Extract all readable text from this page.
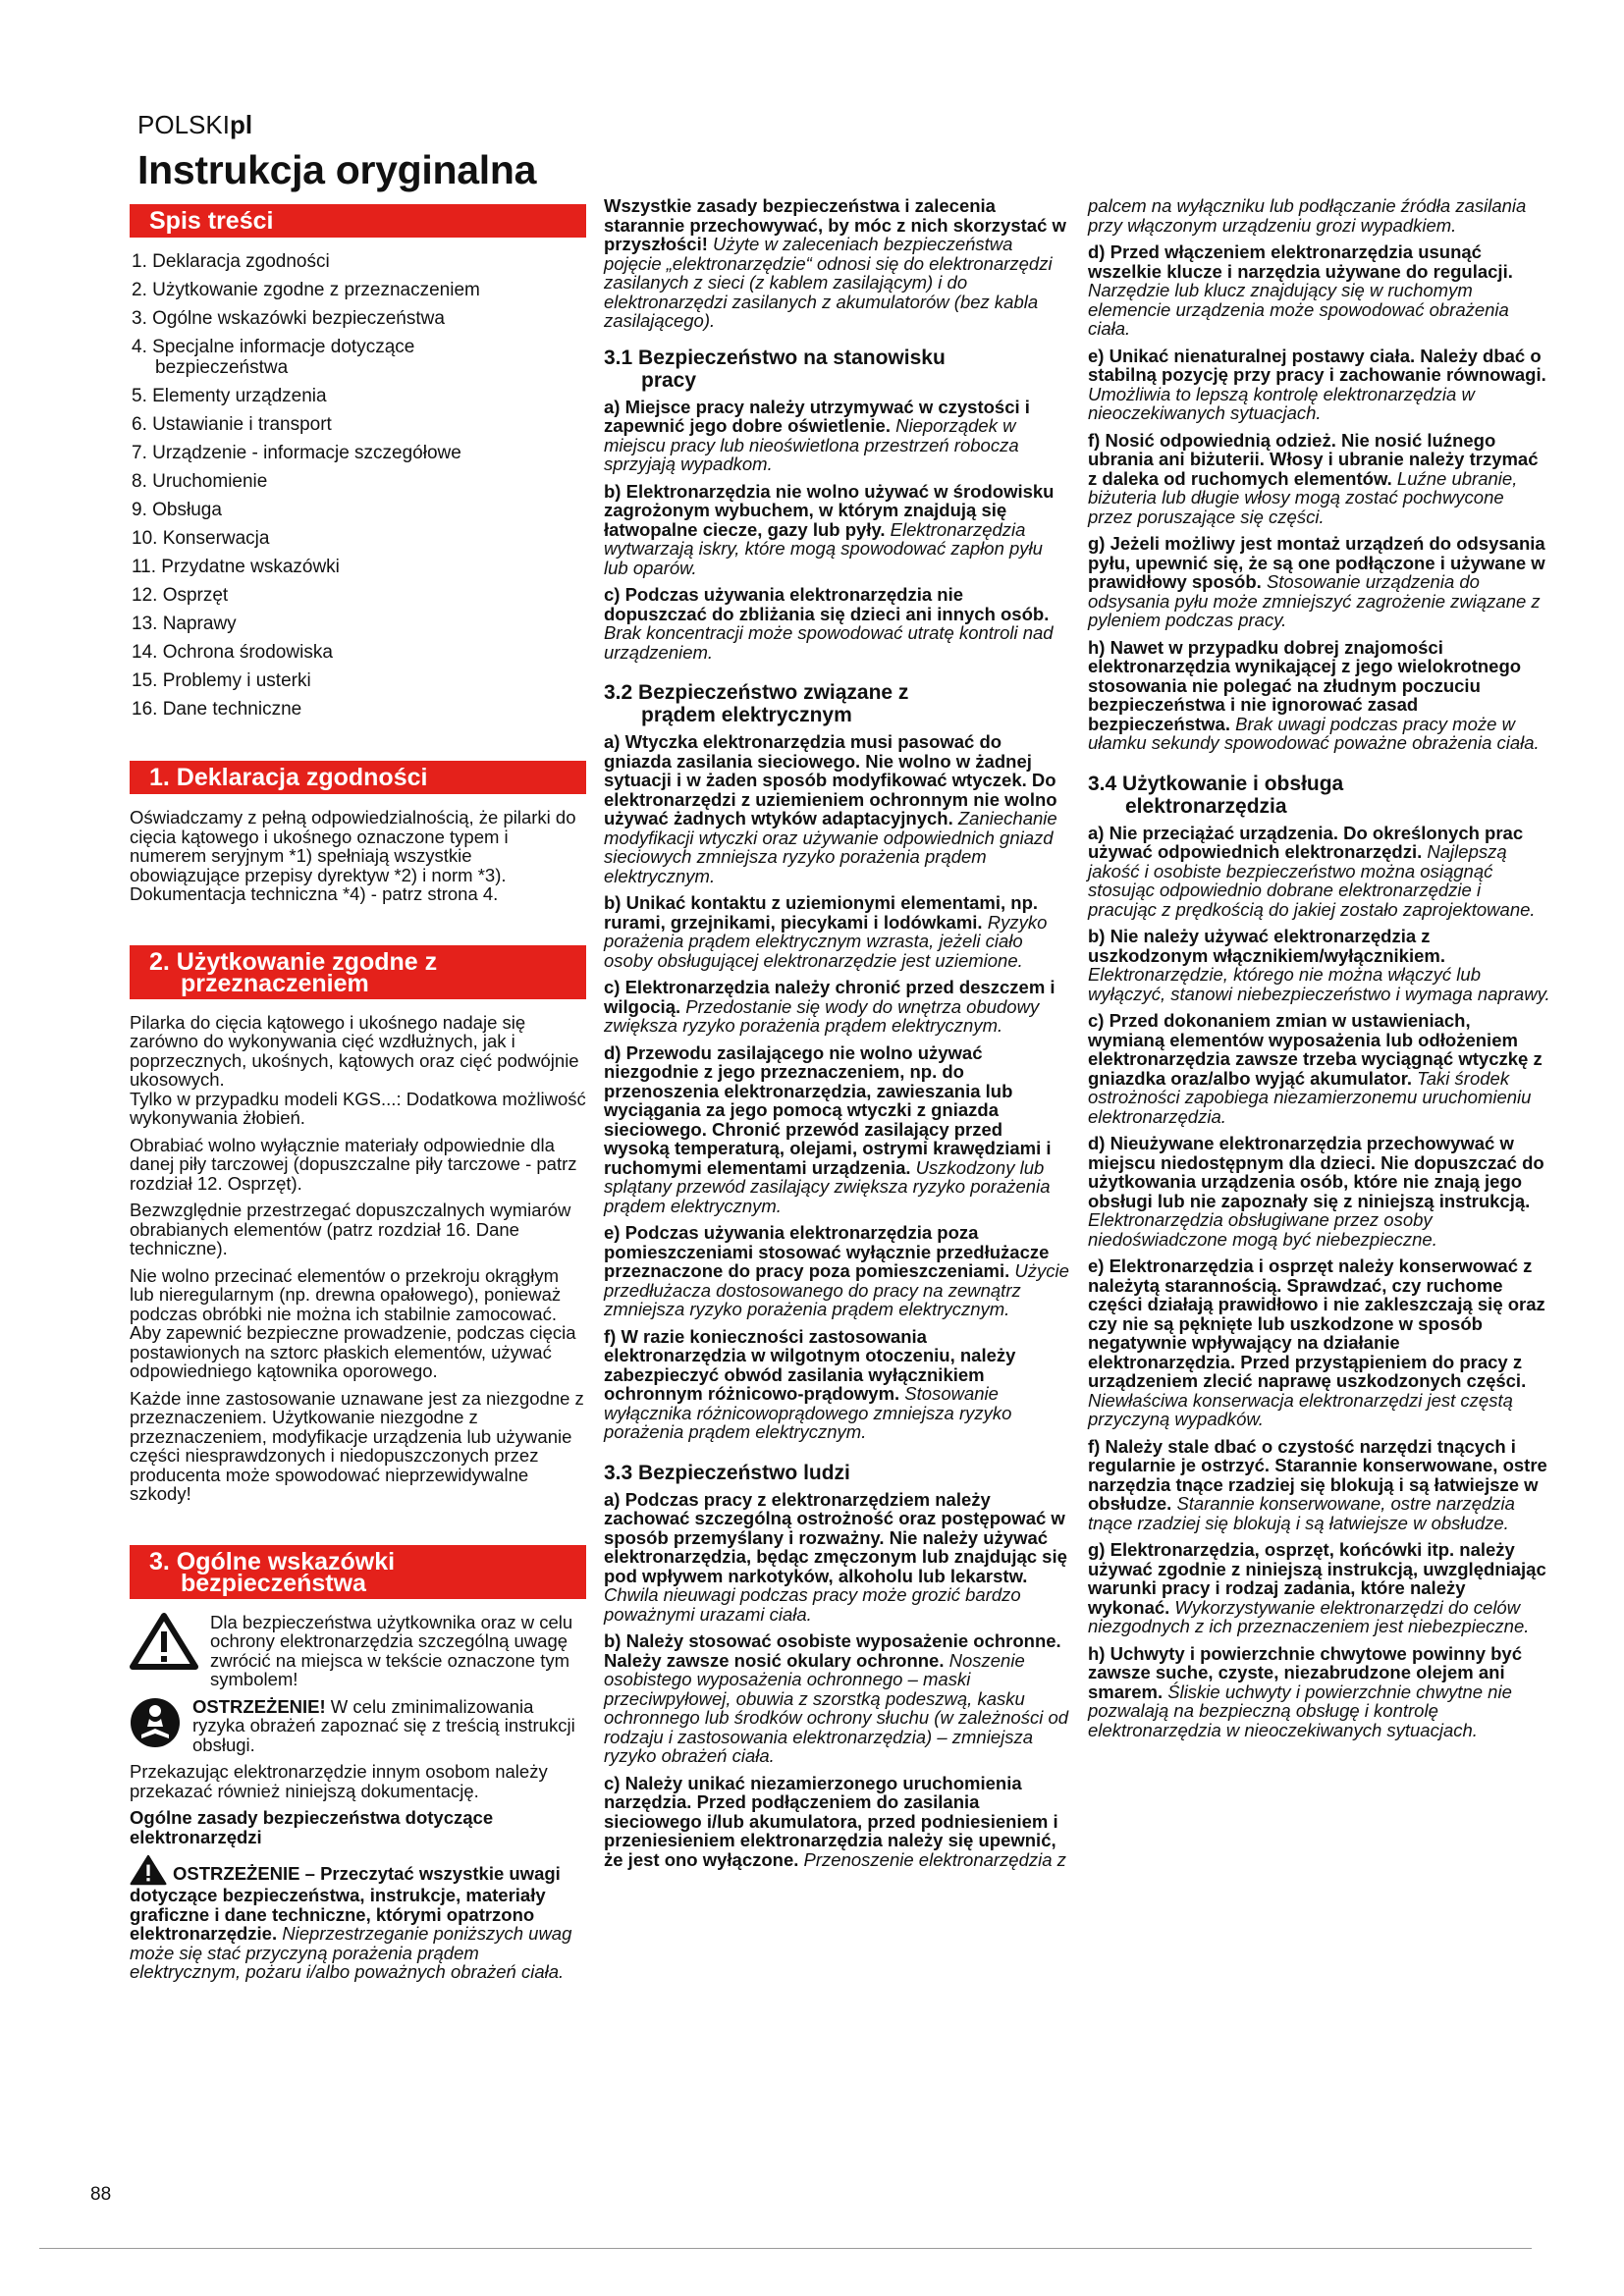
POLSKIpl
Instrukcja oryginalna
Spis treści
1. Deklaracja zgodności
2. Użytkowanie zgodne z przeznaczeniem
3. Ogólne wskazówki bezpieczeństwa
4. Specjalne informacje dotyczące
bezpieczeństwa
5. Elementy urządzenia
6. Ustawianie i transport
7. Urządzenie - informacje szczegółowe
8. Uruchomienie
9. Obsługa
10. Konserwacja
11. Przydatne wskazówki
12. Osprzęt
13. Naprawy
14. Ochrona środowiska
15. Problemy i usterki
16. Dane techniczne
1. Deklaracja zgodności

Oświadczamy z pełną odpowiedzialnością, że pilarki do cięcia kątowego i ukośnego oznaczone typem i numerem seryjnym *1) spełniają wszystkie obowiązujące przepisy dyrektyw *2) i norm *3). Dokumentacja techniczna *4) - patrz strona 4.

2. Użytkowanie zgodne z
przeznaczeniem

Pilarka do cięcia kątowego i ukośnego nadaje się zarówno do wykonywania cięć wzdłużnych, jak i poprzecznych, ukośnych, kątowych oraz cięć podwójnie ukosowych.

Tylko w przypadku modeli KGS...: Dodatkowa możliwość wykonywania żłobień.

Obrabiać wolno wyłącznie materiały odpowiednie dla danej piły tarczowej (dopuszczalne piły tarczowe - patrz rozdział 12. Osprzęt).

Bezwzględnie przestrzegać dopuszczalnych wymiarów obrabianych elementów (patrz rozdział 16. Dane techniczne).

Nie wolno przecinać elementów o przekroju okrągłym lub nieregularnym (np. drewna opałowego), ponieważ podczas obróbki nie można ich stabilnie zamocować. Aby zapewnić bezpieczne prowadzenie, podczas cięcia postawionych na sztorc płaskich elementów, używać odpowiedniego kątownika oporowego.

Każde inne zastosowanie uznawane jest za niezgodne z przeznaczeniem. Użytkowanie niezgodne z przeznaczeniem, modyfikacje urządzenia lub używanie części niesprawdzonych i niedopuszczonych przez producenta może spowodować nieprzewidywalne szkody!

3. Ogólne wskazówki
bezpieczeństwa

Dla bezpieczeństwa użytkownika oraz w celu ochrony elektronarzędzia szczególną uwagę zwrócić na miejsca w tekście oznaczone tym symbolem!

OSTRZEŻENIE! W celu zminimalizowania ryzyka obrażeń zapoznać się z treścią instrukcji obsługi.

Przekazując elektronarzędzie innym osobom należy przekazać również niniejszą dokumentację.

Ogólne zasady bezpieczeństwa dotyczące elektronarzędzi

OSTRZEŻENIE – Przeczytać wszystkie uwagi dotyczące bezpieczeństwa, instrukcje, materiały graficzne i dane techniczne, którymi opatrzono elektronarzędzie. Nieprzestrzeganie poniższych uwag może się stać przyczyną porażenia prądem elektrycznym, pożaru i/albo poważnych obrażeń ciała.

Wszystkie zasady bezpieczeństwa i zalecenia starannie przechowywać, by móc z nich skorzystać w przyszłości! Użyte w zaleceniach bezpieczeństwa pojęcie „elektronarzędzie“ odnosi się do elektronarzędzi zasilanych z sieci (z kablem zasilającym) i do elektronarzędzi zasilanych z akumulatorów (bez kabla zasilającego).

3.1 Bezpieczeństwo na stanowisku
pracy

a) Miejsce pracy należy utrzymywać w czystości i zapewnić jego dobre oświetlenie. Nieporządek w miejscu pracy lub nieoświetlona przestrzeń robocza sprzyjają wypadkom.

b) Elektronarzędzia nie wolno używać w środowisku zagrożonym wybuchem, w którym znajdują się łatwopalne ciecze, gazy lub pyły. Elektronarzędzia wytwarzają iskry, które mogą spowodować zapłon pyłu lub oparów.

c) Podczas używania elektronarzędzia nie dopuszczać do zbliżania się dzieci ani innych osób. Brak koncentracji może spowodować utratę kontroli nad urządzeniem.

3.2 Bezpieczeństwo związane z
prądem elektrycznym

a) Wtyczka elektronarzędzia musi pasować do gniazda zasilania sieciowego. Nie wolno w żadnej sytuacji i w żaden sposób modyfikować wtyczek. Do elektronarzędzi z uziemieniem ochronnym nie wolno używać żadnych wtyków adaptacyjnych. Zaniechanie modyfikacji wtyczki oraz używanie odpowiednich gniazd sieciowych zmniejsza ryzyko porażenia prądem elektrycznym.

b) Unikać kontaktu z uziemionymi elementami, np. rurami, grzejnikami, piecykami i lodówkami. Ryzyko porażenia prądem elektrycznym wzrasta, jeżeli ciało osoby obsługującej elektronarzędzie jest uziemione.

c) Elektronarzędzia należy chronić przed deszczem i wilgocią. Przedostanie się wody do wnętrza obudowy zwiększa ryzyko porażenia prądem elektrycznym.

d) Przewodu zasilającego nie wolno używać niezgodnie z jego przeznaczeniem, np. do przenoszenia elektronarzędzia, zawieszania lub wyciągania za jego pomocą wtyczki z gniazda sieciowego. Chronić przewód zasilający przed wysoką temperaturą, olejami, ostrymi krawędziami i ruchomymi elementami urządzenia. Uszkodzony lub splątany przewód zasilający zwiększa ryzyko porażenia prądem elektrycznym.

e) Podczas używania elektronarzędzia poza pomieszczeniami stosować wyłącznie przedłużacze przeznaczone do pracy poza pomieszczeniami. Użycie przedłużacza dostosowanego do pracy na zewnątrz zmniejsza ryzyko porażenia prądem elektrycznym.

f) W razie konieczności zastosowania elektronarzędzia w wilgotnym otoczeniu, należy zabezpieczyć obwód zasilania wyłącznikiem ochronnym różnicowo-prądowym. Stosowanie wyłącznika różnicowoprądowego zmniejsza ryzyko porażenia prądem elektrycznym.

3.3 Bezpieczeństwo ludzi

a) Podczas pracy z elektronarzędziem należy zachować szczególną ostrożność oraz postępować w sposób przemyślany i rozważny. Nie należy używać elektronarzędzia, będąc zmęczonym lub znajdując się pod wpływem narkotyków, alkoholu lub lekarstw. Chwila nieuwagi podczas pracy może grozić bardzo poważnymi urazami ciała.

b) Należy stosować osobiste wyposażenie ochronne. Należy zawsze nosić okulary ochronne. Noszenie osobistego wyposażenia ochronnego – maski przeciwpyłowej, obuwia z szorstką podeszwą, kasku ochronnego lub środków ochrony słuchu (w zależności od rodzaju i zastosowania elektronarzędzia) – zmniejsza ryzyko obrażeń ciała.

c) Należy unikać niezamierzonego uruchomienia narzędzia. Przed podłączeniem do zasilania sieciowego i/lub akumulatora, przed podniesieniem i przeniesieniem elektronarzędzia należy się upewnić, że jest ono wyłączone. Przenoszenie elektronarzędzia z

palcem na wyłączniku lub podłączanie źródła zasilania przy włączonym urządzeniu grozi wypadkiem.

d) Przed włączeniem elektronarzędzia usunąć wszelkie klucze i narzędzia używane do regulacji. Narzędzie lub klucz znajdujący się w ruchomym elemencie urządzenia może spowodować obrażenia ciała.

e) Unikać nienaturalnej postawy ciała. Należy dbać o stabilną pozycję przy pracy i zachowanie równowagi. Umożliwia to lepszą kontrolę elektronarzędzia w nieoczekiwanych sytuacjach.

f) Nosić odpowiednią odzież. Nie nosić luźnego ubrania ani biżuterii. Włosy i ubranie należy trzymać z daleka od ruchomych elementów. Luźne ubranie, biżuteria lub długie włosy mogą zostać pochwycone przez poruszające się części.

g) Jeżeli możliwy jest montaż urządzeń do odsysania pyłu, upewnić się, że są one podłączone i używane w prawidłowy sposób. Stosowanie urządzenia do odsysania pyłu może zmniejszyć zagrożenie związane z pyleniem podczas pracy.

h) Nawet w przypadku dobrej znajomości elektronarzędzia wynikającej z jego wielokrotnego stosowania nie polegać na złudnym poczuciu bezpieczeństwa i nie ignorować zasad bezpieczeństwa. Brak uwagi podczas pracy może w ułamku sekundy spowodować poważne obrażenia ciała.

3.4 Użytkowanie i obsługa
elektronarzędzia

a) Nie przeciążać urządzenia. Do określonych prac używać odpowiednich elektronarzędzi. Najlepszą jakość i osobiste bezpieczeństwo można osiągnąć stosując odpowiednio dobrane elektronarzędzie i pracując z prędkością do jakiej zostało zaprojektowane.

b) Nie należy używać elektronarzędzia z uszkodzonym włącznikiem/wyłącznikiem. Elektronarzędzie, którego nie można włączyć lub wyłączyć, stanowi niebezpieczeństwo i wymaga naprawy.

c) Przed dokonaniem zmian w ustawieniach, wymianą elementów wyposażenia lub odłożeniem elektronarzędzia zawsze trzeba wyciągnąć wtyczkę z gniazdka oraz/albo wyjąć akumulator. Taki środek ostrożności zapobiega niezamierzonemu uruchomieniu elektronarzędzia.

d) Nieużywane elektronarzędzia przechowywać w miejscu niedostępnym dla dzieci. Nie dopuszczać do użytkowania urządzenia osób, które nie znają jego obsługi lub nie zapoznały się z niniejszą instrukcją. Elektronarzędzia obsługiwane przez osoby niedoświadczone mogą być niebezpieczne.

e) Elektronarzędzia i osprzęt należy konserwować z należytą starannością. Sprawdzać, czy ruchome części działają prawidłowo i nie zakleszczają się oraz czy nie są pęknięte lub uszkodzone w sposób negatywnie wpływający na działanie elektronarzędzia. Przed przystąpieniem do pracy z urządzeniem zlecić naprawę uszkodzonych części. Niewłaściwa konserwacja elektronarzędzi jest częstą przyczyną wypadków.

f) Należy stale dbać o czystość narzędzi tnących i regularnie je ostrzyć. Starannie konserwowane, ostre narzędzia tnące rzadziej się blokują i są łatwiejsze w obsłudze. Starannie konserwowane, ostre narzędzia tnące rzadziej się blokują i są łatwiejsze w obsłudze.

g) Elektronarzędzia, osprzęt, końcówki itp. należy używać zgodnie z niniejszą instrukcją, uwzględniając warunki pracy i rodzaj zadania, które należy wykonać. Wykorzystywanie elektronarzędzi do celów niezgodnych z ich przeznaczeniem jest niebezpieczne.

h) Uchwyty i powierzchnie chwytowe powinny być zawsze suche, czyste, niezabrudzone olejem ani smarem. Śliskie uchwyty i powierzchnie chwytne nie pozwalają na bezpieczną obsługę i kontrolę elektronarzędzia w nieoczekiwanych sytuacjach.

88
